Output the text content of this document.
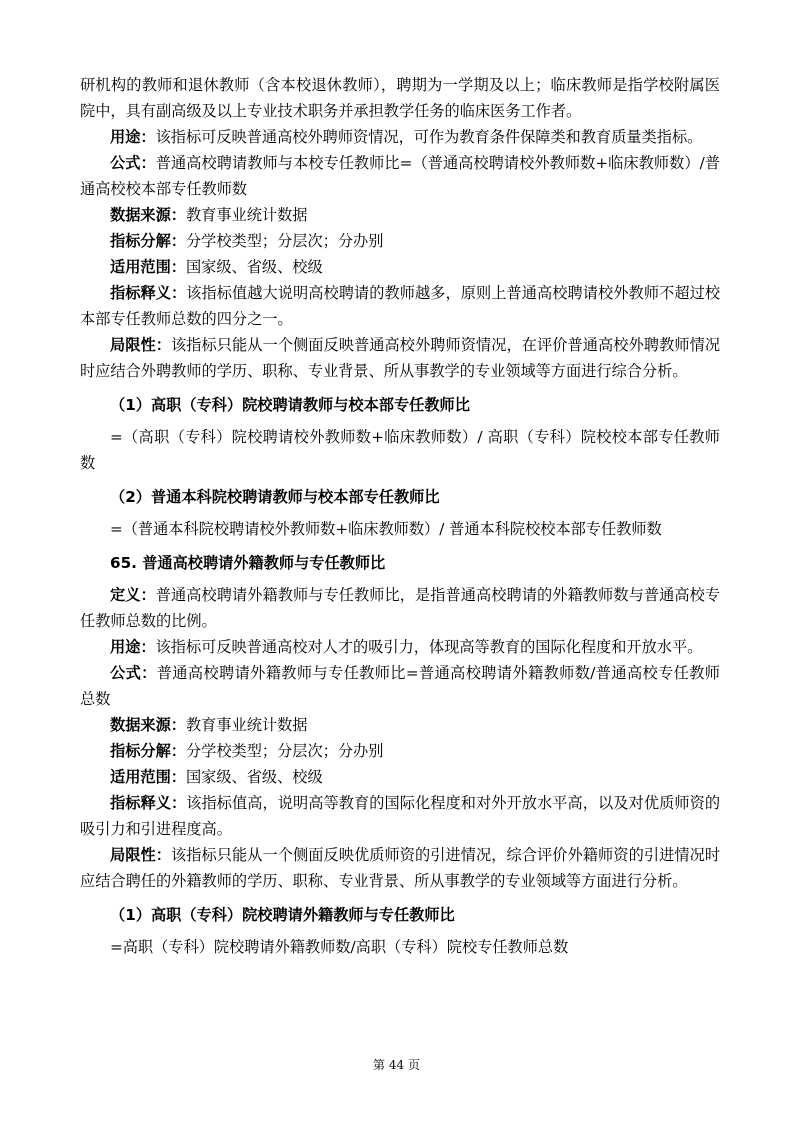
研机构的教师和退休教师（含本校退休教师），聘期为一学期及以上；临床教师是指学校附属医院中，具有副高级及以上专业技术职务并承担教学任务的临床医务工作者。

用途：该指标可反映普通高校外聘师资情况，可作为教育条件保障类和教育质量类指标。

公式：普通高校聘请教师与本校专任教师比=（普通高校聘请校外教师数+临床教师数）/普通高校校本部专任教师数

数据来源：教育事业统计数据

指标分解：分学校类型；分层次；分办别

适用范围：国家级、省级、校级

指标释义：该指标值越大说明高校聘请的教师越多，原则上普通高校聘请校外教师不超过校本部专任教师总数的四分之一。

局限性：该指标只能从一个侧面反映普通高校外聘师资情况，在评价普通高校外聘教师情况时应结合外聘教师的学历、职称、专业背景、所从事教学的专业领域等方面进行综合分析。

（1）高职（专科）院校聘请教师与校本部专任教师比

=（高职（专科）院校聘请校外教师数+临床教师数）/ 高职（专科）院校校本部专任教师数

（2）普通本科院校聘请教师与校本部专任教师比

=（普通本科院校聘请校外教师数+临床教师数）/ 普通本科院校校本部专任教师数

65. 普通高校聘请外籍教师与专任教师比

定义：普通高校聘请外籍教师与专任教师比，是指普通高校聘请的外籍教师数与普通高校专任教师总数的比例。

用途：该指标可反映普通高校对人才的吸引力，体现高等教育的国际化程度和开放水平。

公式：普通高校聘请外籍教师与专任教师比=普通高校聘请外籍教师数/普通高校专任教师总数

数据来源：教育事业统计数据

指标分解：分学校类型；分层次；分办别

适用范围：国家级、省级、校级

指标释义：该指标值高，说明高等教育的国际化程度和对外开放水平高，以及对优质师资的吸引力和引进程度高。

局限性：该指标只能从一个侧面反映优质师资的引进情况，综合评价外籍师资的引进情况时应结合聘任的外籍教师的学历、职称、专业背景、所从事教学的专业领域等方面进行分析。

（1）高职（专科）院校聘请外籍教师与专任教师比

=高职（专科）院校聘请外籍教师数/高职（专科）院校专任教师总数

第 44 页
